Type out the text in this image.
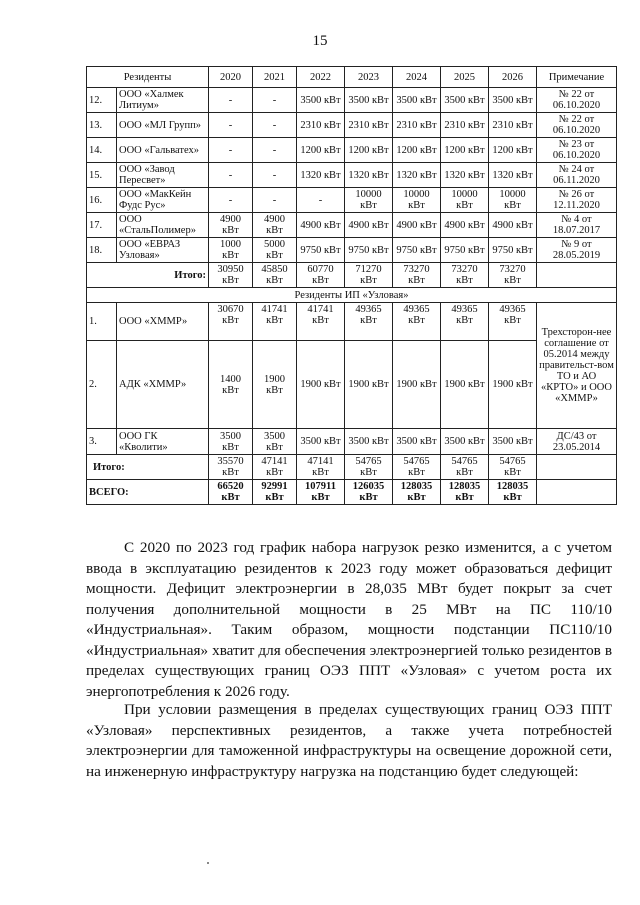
15
Резиденты		2020	2021	2022	2023	2024	2025	2026	Примечание
12.	ООО «Халмек Литиум»	-	-	3500 кВт	3500 кВт	3500 кВт	3500 кВт	3500 кВт	№ 22 от 06.10.2020
13.	ООО «МЛ Групп»	-	-	2310 кВт	2310 кВт	2310 кВт	2310 кВт	2310 кВт	№ 22 от 06.10.2020
14.	ООО «Гальватех»	-	-	1200 кВт	1200 кВт	1200 кВт	1200 кВт	1200 кВт	№ 23 от 06.10.2020
15.	ООО «Завод Пересвет»	-	-	1320 кВт	1320 кВт	1320 кВт	1320 кВт	1320 кВт	№ 24 от 06.11.2020
16.	ООО «МакКейн Фудс Рус»	-	-	-	10000 кВт	10000 кВт	10000 кВт	10000 кВт	№ 26 от 12.11.2020
17.	ООО «СтальПолимер»	4900 кВт	4900 кВт	4900 кВт	4900 кВт	4900 кВт	4900 кВт	4900 кВт	№ 4 от 18.07.2017
18.	ООО «ЕВРАЗ Узловая»	1000 кВт	5000 кВт	9750 кВт	9750 кВт	9750 кВт	9750 кВт	9750 кВт	№ 9 от 28.05.2019
Итого:		30950 кВт	45850 кВт	60770 кВт	71270 кВт	73270 кВт	73270 кВт	73270 кВт	
Резиденты ИП «Узловая»									
1.	ООО «ХММР»	30670 кВт	41741 кВт	41741 кВт	49365 кВт	49365 кВт	49365 кВт	49365 кВт	Трехсторон-нее соглашение от 05.2014 между правительст-вом ТО и АО «КРТО» и ООО «ХММР»
2.	АДК «ХММР»	1400 кВт	1900 кВт	1900 кВт	1900 кВт	1900 кВт	1900 кВт	1900 кВт	
3.	ООО ГК «Кволити»	3500 кВт	3500 кВт	3500 кВт	3500 кВт	3500 кВт	3500 кВт	3500 кВт	ДС/43 от 23.05.2014
Итого:		35570 кВт	47141 кВт	47141 кВт	54765 кВт	54765 кВт	54765 кВт	54765 кВт	
ВСЕГО:		66520 кВт	92991 кВт	107911 кВт	126035 кВт	128035 кВт	128035 кВт	128035 кВт	

С 2020 по 2023 год график набора нагрузок резко изменится, а с учетом ввода в эксплуатацию резидентов к 2023 году может образоваться дефицит мощности. Дефицит электроэнергии в 28,035 МВт будет покрыт за счет получения дополнительной мощности в 25 МВт на ПС 110/10 «Индустриальная». Таким образом, мощности подстанции ПС110/10 «Индустриальная» хватит для обеспечения электроэнергией только резидентов в пределах существующих границ ОЭЗ ППТ «Узловая» с учетом роста их энергопотребления к 2026 году.

При условии размещения в пределах существующих границ ОЭЗ ППТ «Узловая» перспективных резидентов, а также учета потребностей электроэнергии для таможенной инфраструктуры на освещение дорожной сети, на инженерную инфраструктуру нагрузка на подстанцию будет следующей:
